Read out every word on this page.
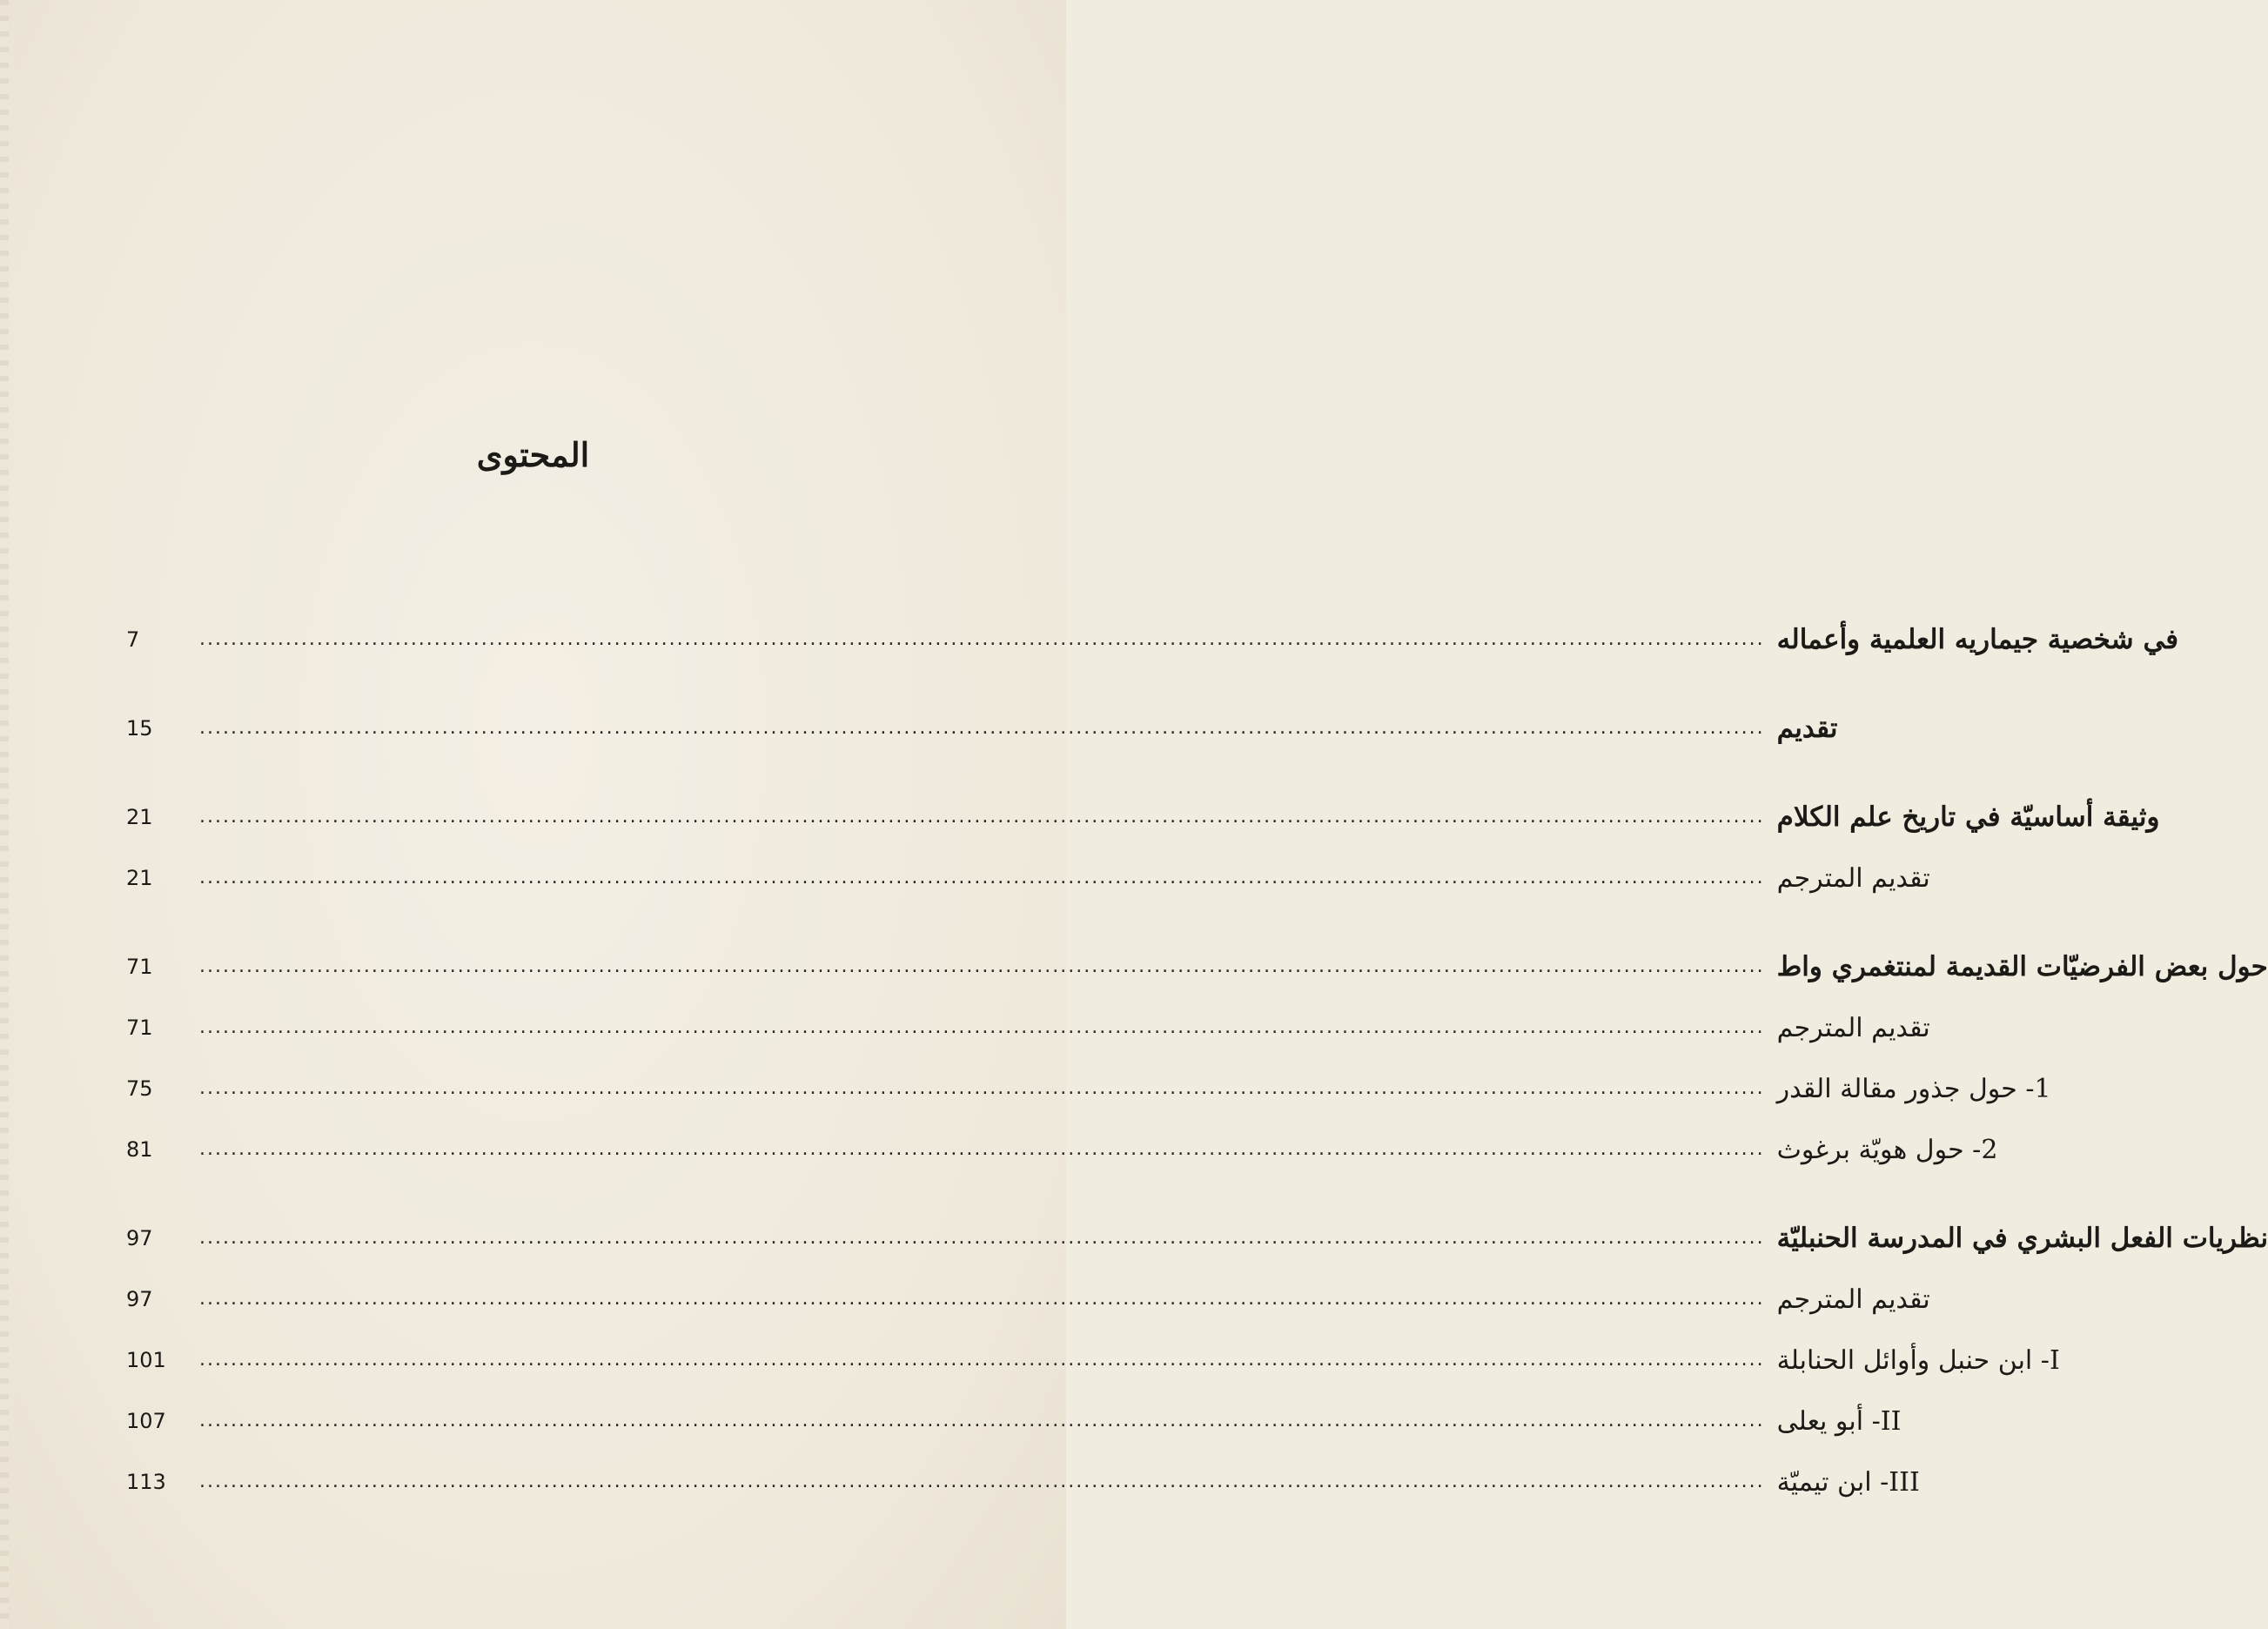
المحتوى
7	........................................................................................................................................................................................................ في شخصية جيماريه العلمية وأعماله
15	........................................................................................................................................................................................................ تقديم
21	........................................................................................................................................................................................................ وثيقة أساسيّة في تاريخ علم الكلام
21	........................................................................................................................................................................................................ تقديم المترجم
71	........................................................................................................................................................................................................ حول بعض الفرضيّات القديمة لمنتغمري واط
71	........................................................................................................................................................................................................ تقديم المترجم
75	........................................................................................................................................................................................................ 1- حول جذور مقالة القدر
81	........................................................................................................................................................................................................ 2- حول هويّة برغوث
97	........................................................................................................................................................................................................ نظريات الفعل البشري في المدرسة الحنبليّة
97	........................................................................................................................................................................................................ تقديم المترجم
101	........................................................................................................................................................................................................ I- ابن حنبل وأوائل الحنابلة
107	........................................................................................................................................................................................................ II- أبو يعلى
113	........................................................................................................................................................................................................ III- ابن تيميّة
